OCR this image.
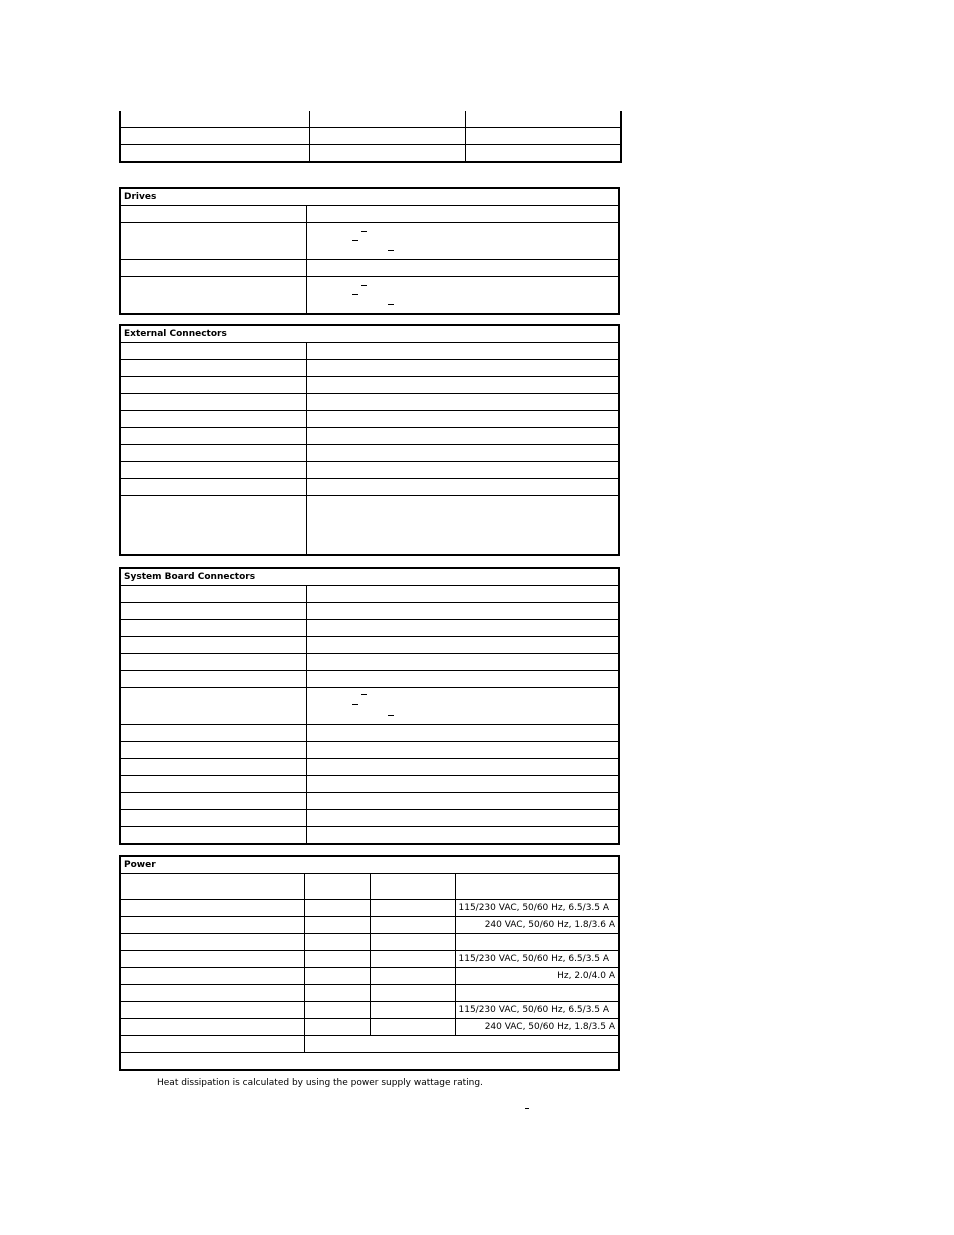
Drives	

External Connectors	

System Board Connectors	

Power			

			115/230 VAC, 50/60 Hz, 6.5/3.5 A
			240 VAC, 50/60 Hz, 1.8/3.6 A

			115/230 VAC, 50/60 Hz, 6.5/3.5 A
			Hz, 2.0/4.0 A

			115/230 VAC, 50/60 Hz, 6.5/3.5 A
			240 VAC, 50/60 Hz, 1.8/3.5 A

Heat dissipation is calculated by using the power supply wattage rating.			
